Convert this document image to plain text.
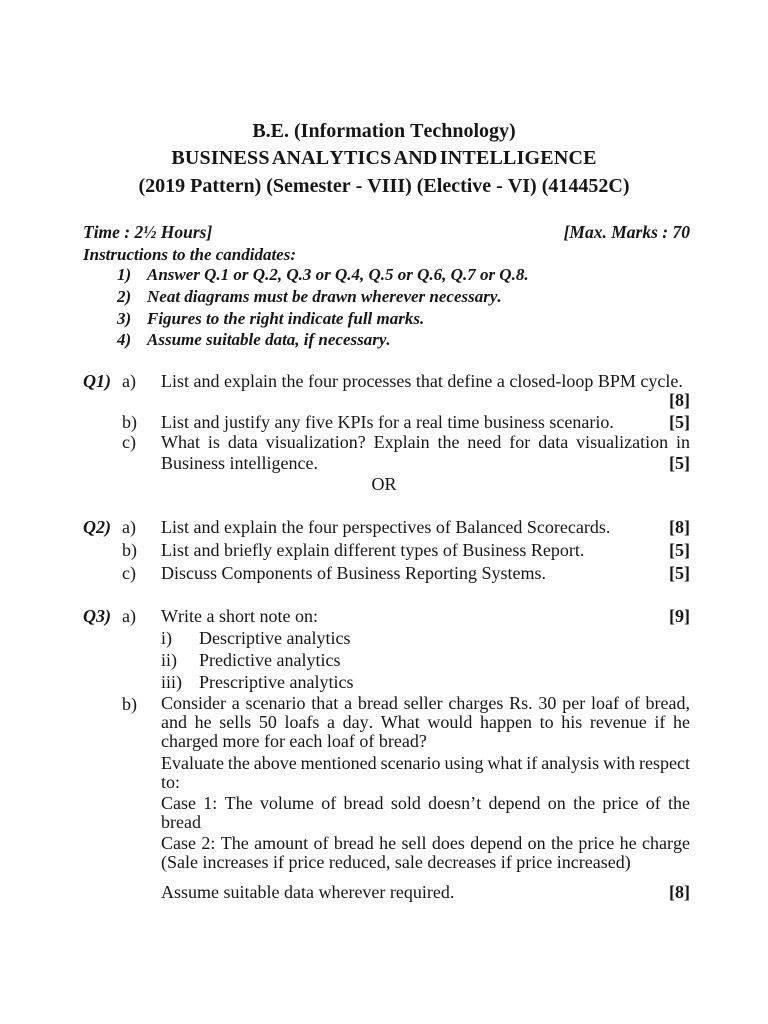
B.E. (Information Technology)
BUSINESS ANALYTICS AND INTELLIGENCE
(2019 Pattern) (Semester - VIII) (Elective - VI) (414452C)
Time : 2½ Hours]	[Max. Marks : 70
Instructions to the candidates:
1) Answer Q.1 or Q.2, Q.3 or Q.4, Q.5 or Q.6, Q.7 or Q.8.
2) Neat diagrams must be drawn wherever necessary.
3) Figures to the right indicate full marks.
4) Assume suitable data, if necessary.
Q1) a) List and explain the four processes that define a closed-loop BPM cycle.
[8]
b) List and justify any five KPIs for a real time business scenario.	[5]
c) What is data visualization? Explain the need for data visualization in Business intelligence.	[5]
OR
Q2) a) List and explain the four perspectives of Balanced Scorecards.	[8]
b) List and briefly explain different types of Business Report.	[5]
c) Discuss Components of Business Reporting Systems.	[5]
Q3) a) Write a short note on:	[9]
i) Descriptive analytics
ii) Predictive analytics
iii) Prescriptive analytics
b) Consider a scenario that a bread seller charges Rs. 30 per loaf of bread, and he sells 50 loafs a day. What would happen to his revenue if he charged more for each loaf of bread?
Evaluate the above mentioned scenario using what if analysis with respect to:
Case 1: The volume of bread sold doesn’t depend on the price of the bread
Case 2: The amount of bread he sell does depend on the price he charge (Sale increases if price reduced, sale decreases if price increased)
Assume suitable data wherever required.	[8]
